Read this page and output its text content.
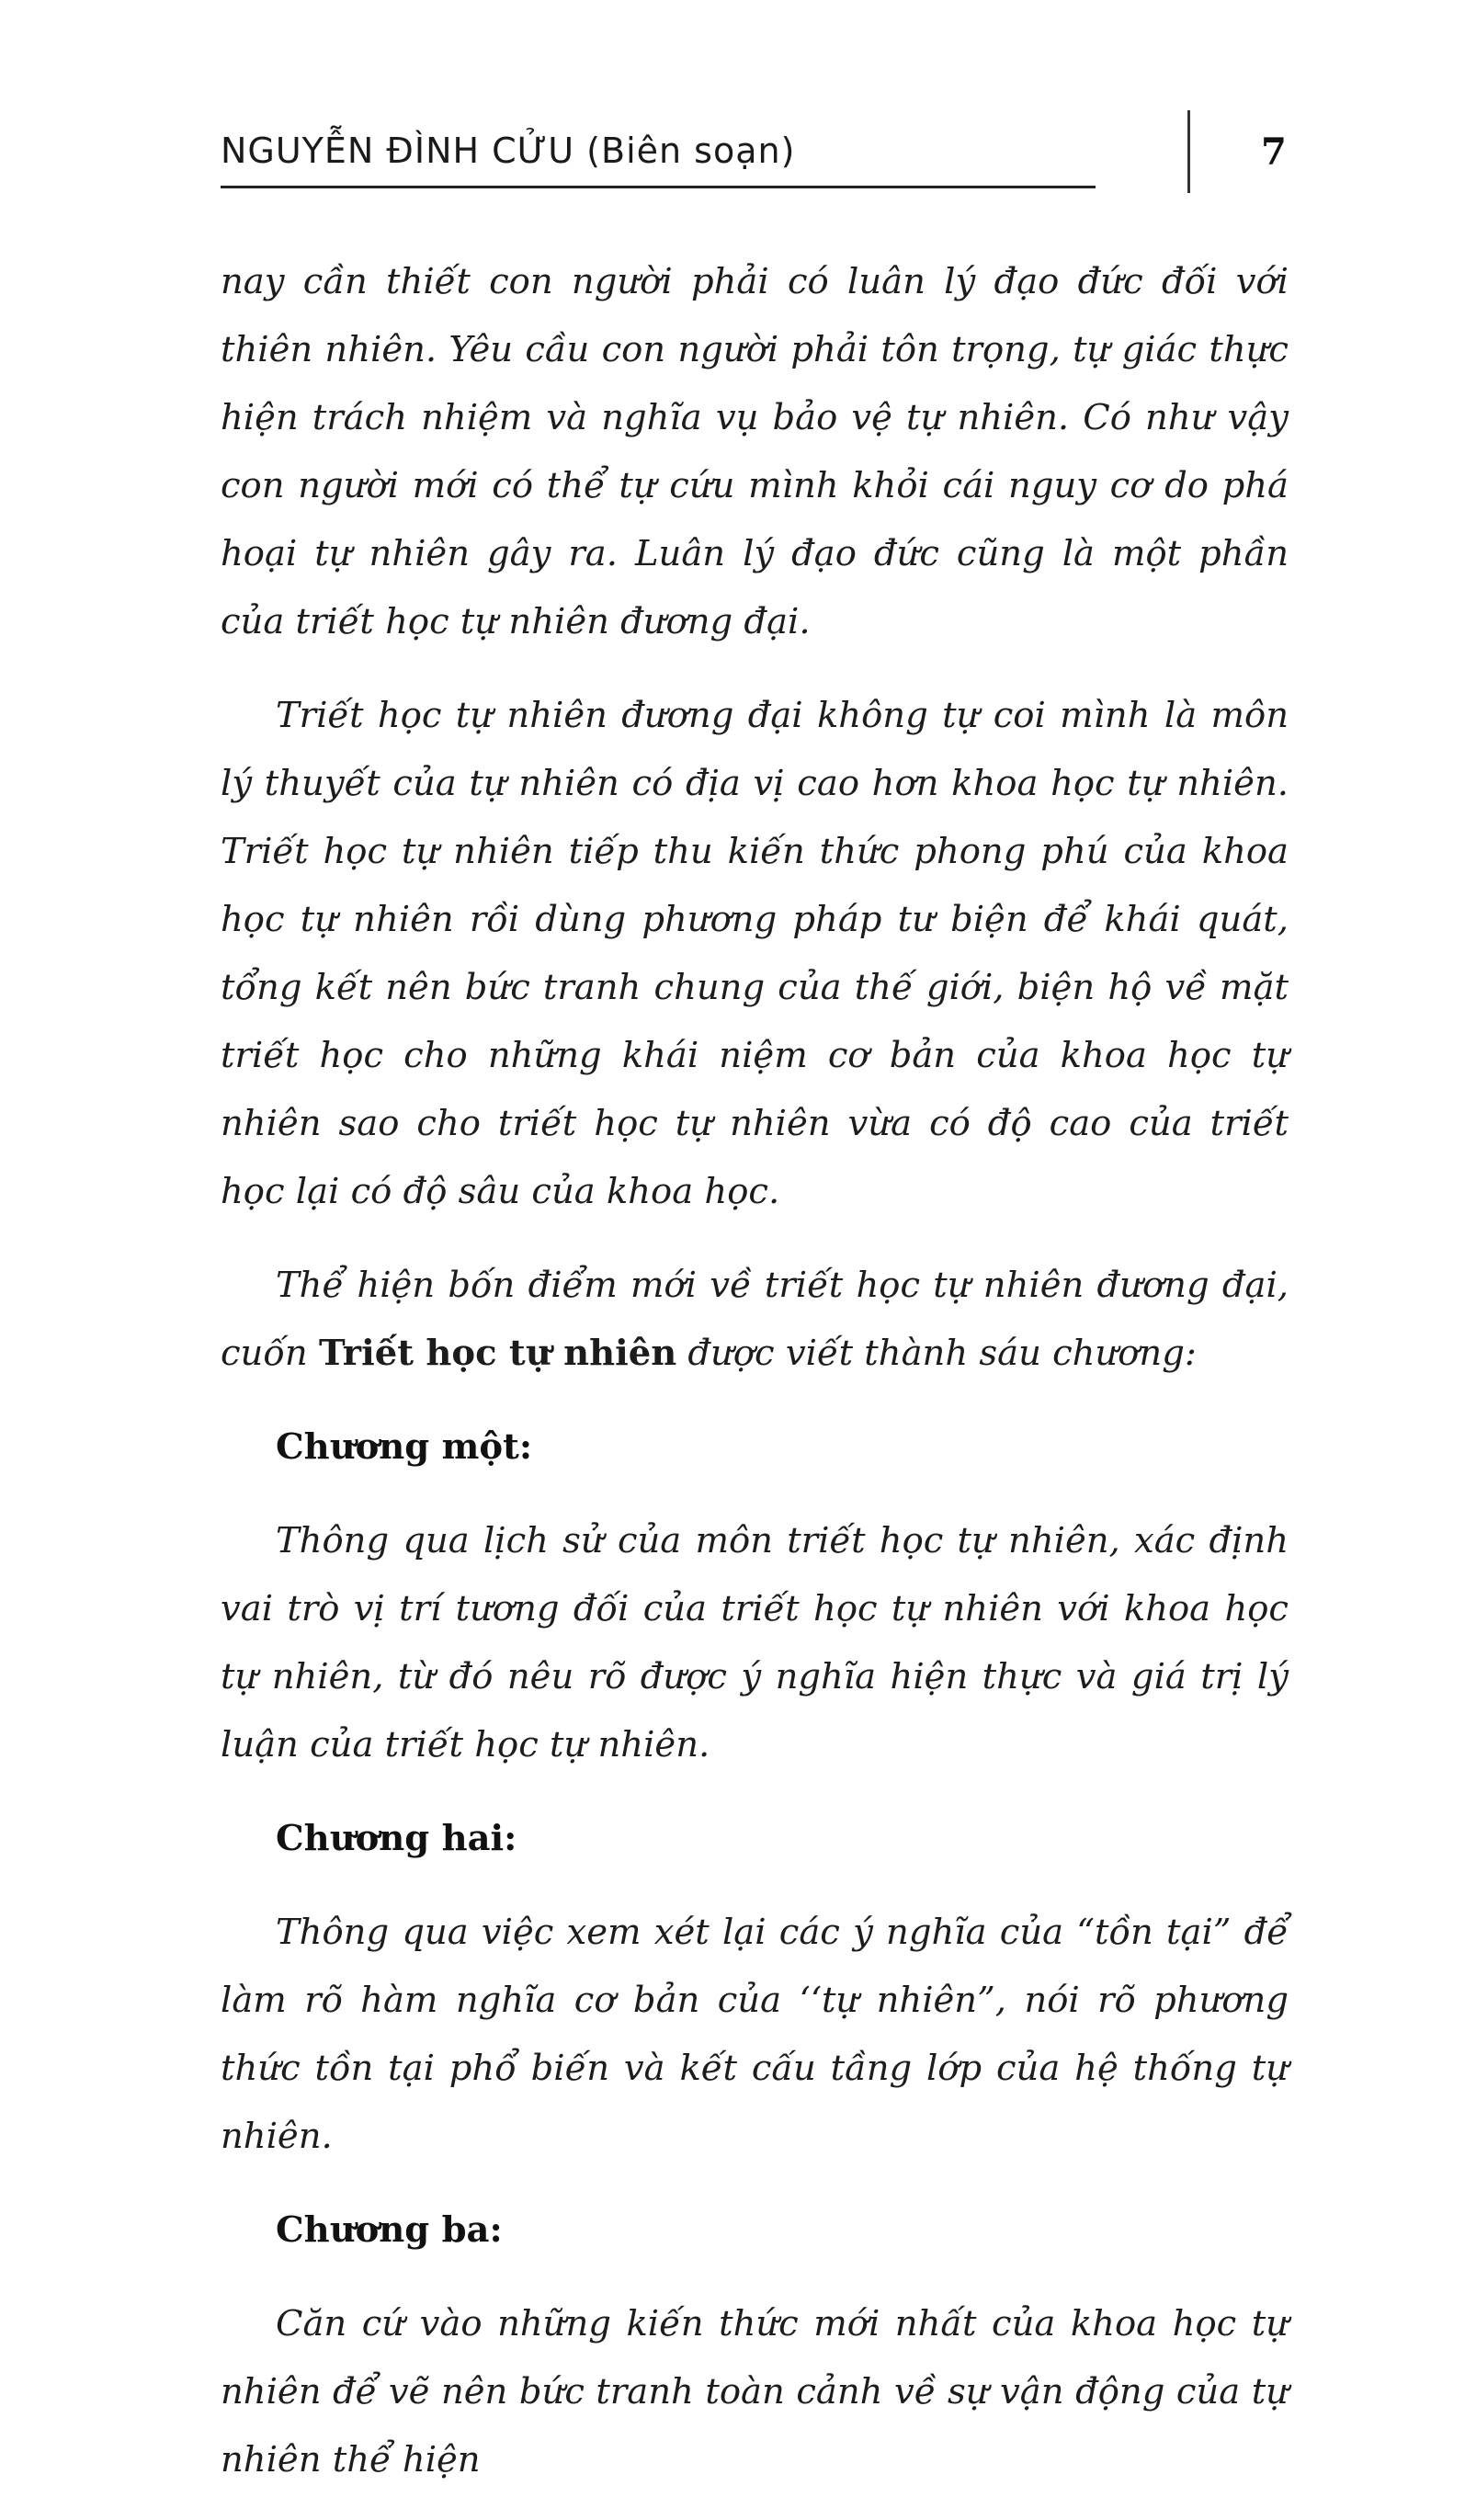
NGUYỄN ĐÌNH CỬU (Biên soạn)	7

nay cần thiết con người phải có luân lý đạo đức đối với thiên nhiên. Yêu cầu con người phải tôn trọng, tự giác thực hiện trách nhiệm và nghĩa vụ bảo vệ tự nhiên. Có như vậy con người mới có thể tự cứu mình khỏi cái nguy cơ do phá hoại tự nhiên gây ra. Luân lý đạo đức cũng là một phần của triết học tự nhiên đương đại.

Triết học tự nhiên đương đại không tự coi mình là môn lý thuyết của tự nhiên có địa vị cao hơn khoa học tự nhiên. Triết học tự nhiên tiếp thu kiến thức phong phú của khoa học tự nhiên rồi dùng phương pháp tư biện để khái quát, tổng kết nên bức tranh chung của thế giới, biện hộ về mặt triết học cho những khái niệm cơ bản của khoa học tự nhiên sao cho triết học tự nhiên vừa có độ cao của triết học lại có độ sâu của khoa học.

Thể hiện bốn điểm mới về triết học tự nhiên đương đại, cuốn Triết học tự nhiên được viết thành sáu chương:

Chương một:

Thông qua lịch sử của môn triết học tự nhiên, xác định vai trò vị trí tương đối của triết học tự nhiên với khoa học tự nhiên, từ đó nêu rõ được ý nghĩa hiện thực và giá trị lý luận của triết học tự nhiên.

Chương hai:

Thông qua việc xem xét lại các ý nghĩa của “tồn tại” để làm rõ hàm nghĩa cơ bản của ‘‘tự nhiên”, nói rõ phương thức tồn tại phổ biến và kết cấu tầng lớp của hệ thống tự nhiên.

Chương ba:

Căn cứ vào những kiến thức mới nhất của khoa học tự nhiên để vẽ nên bức tranh toàn cảnh về sự vận động của tự nhiên thể hiện
